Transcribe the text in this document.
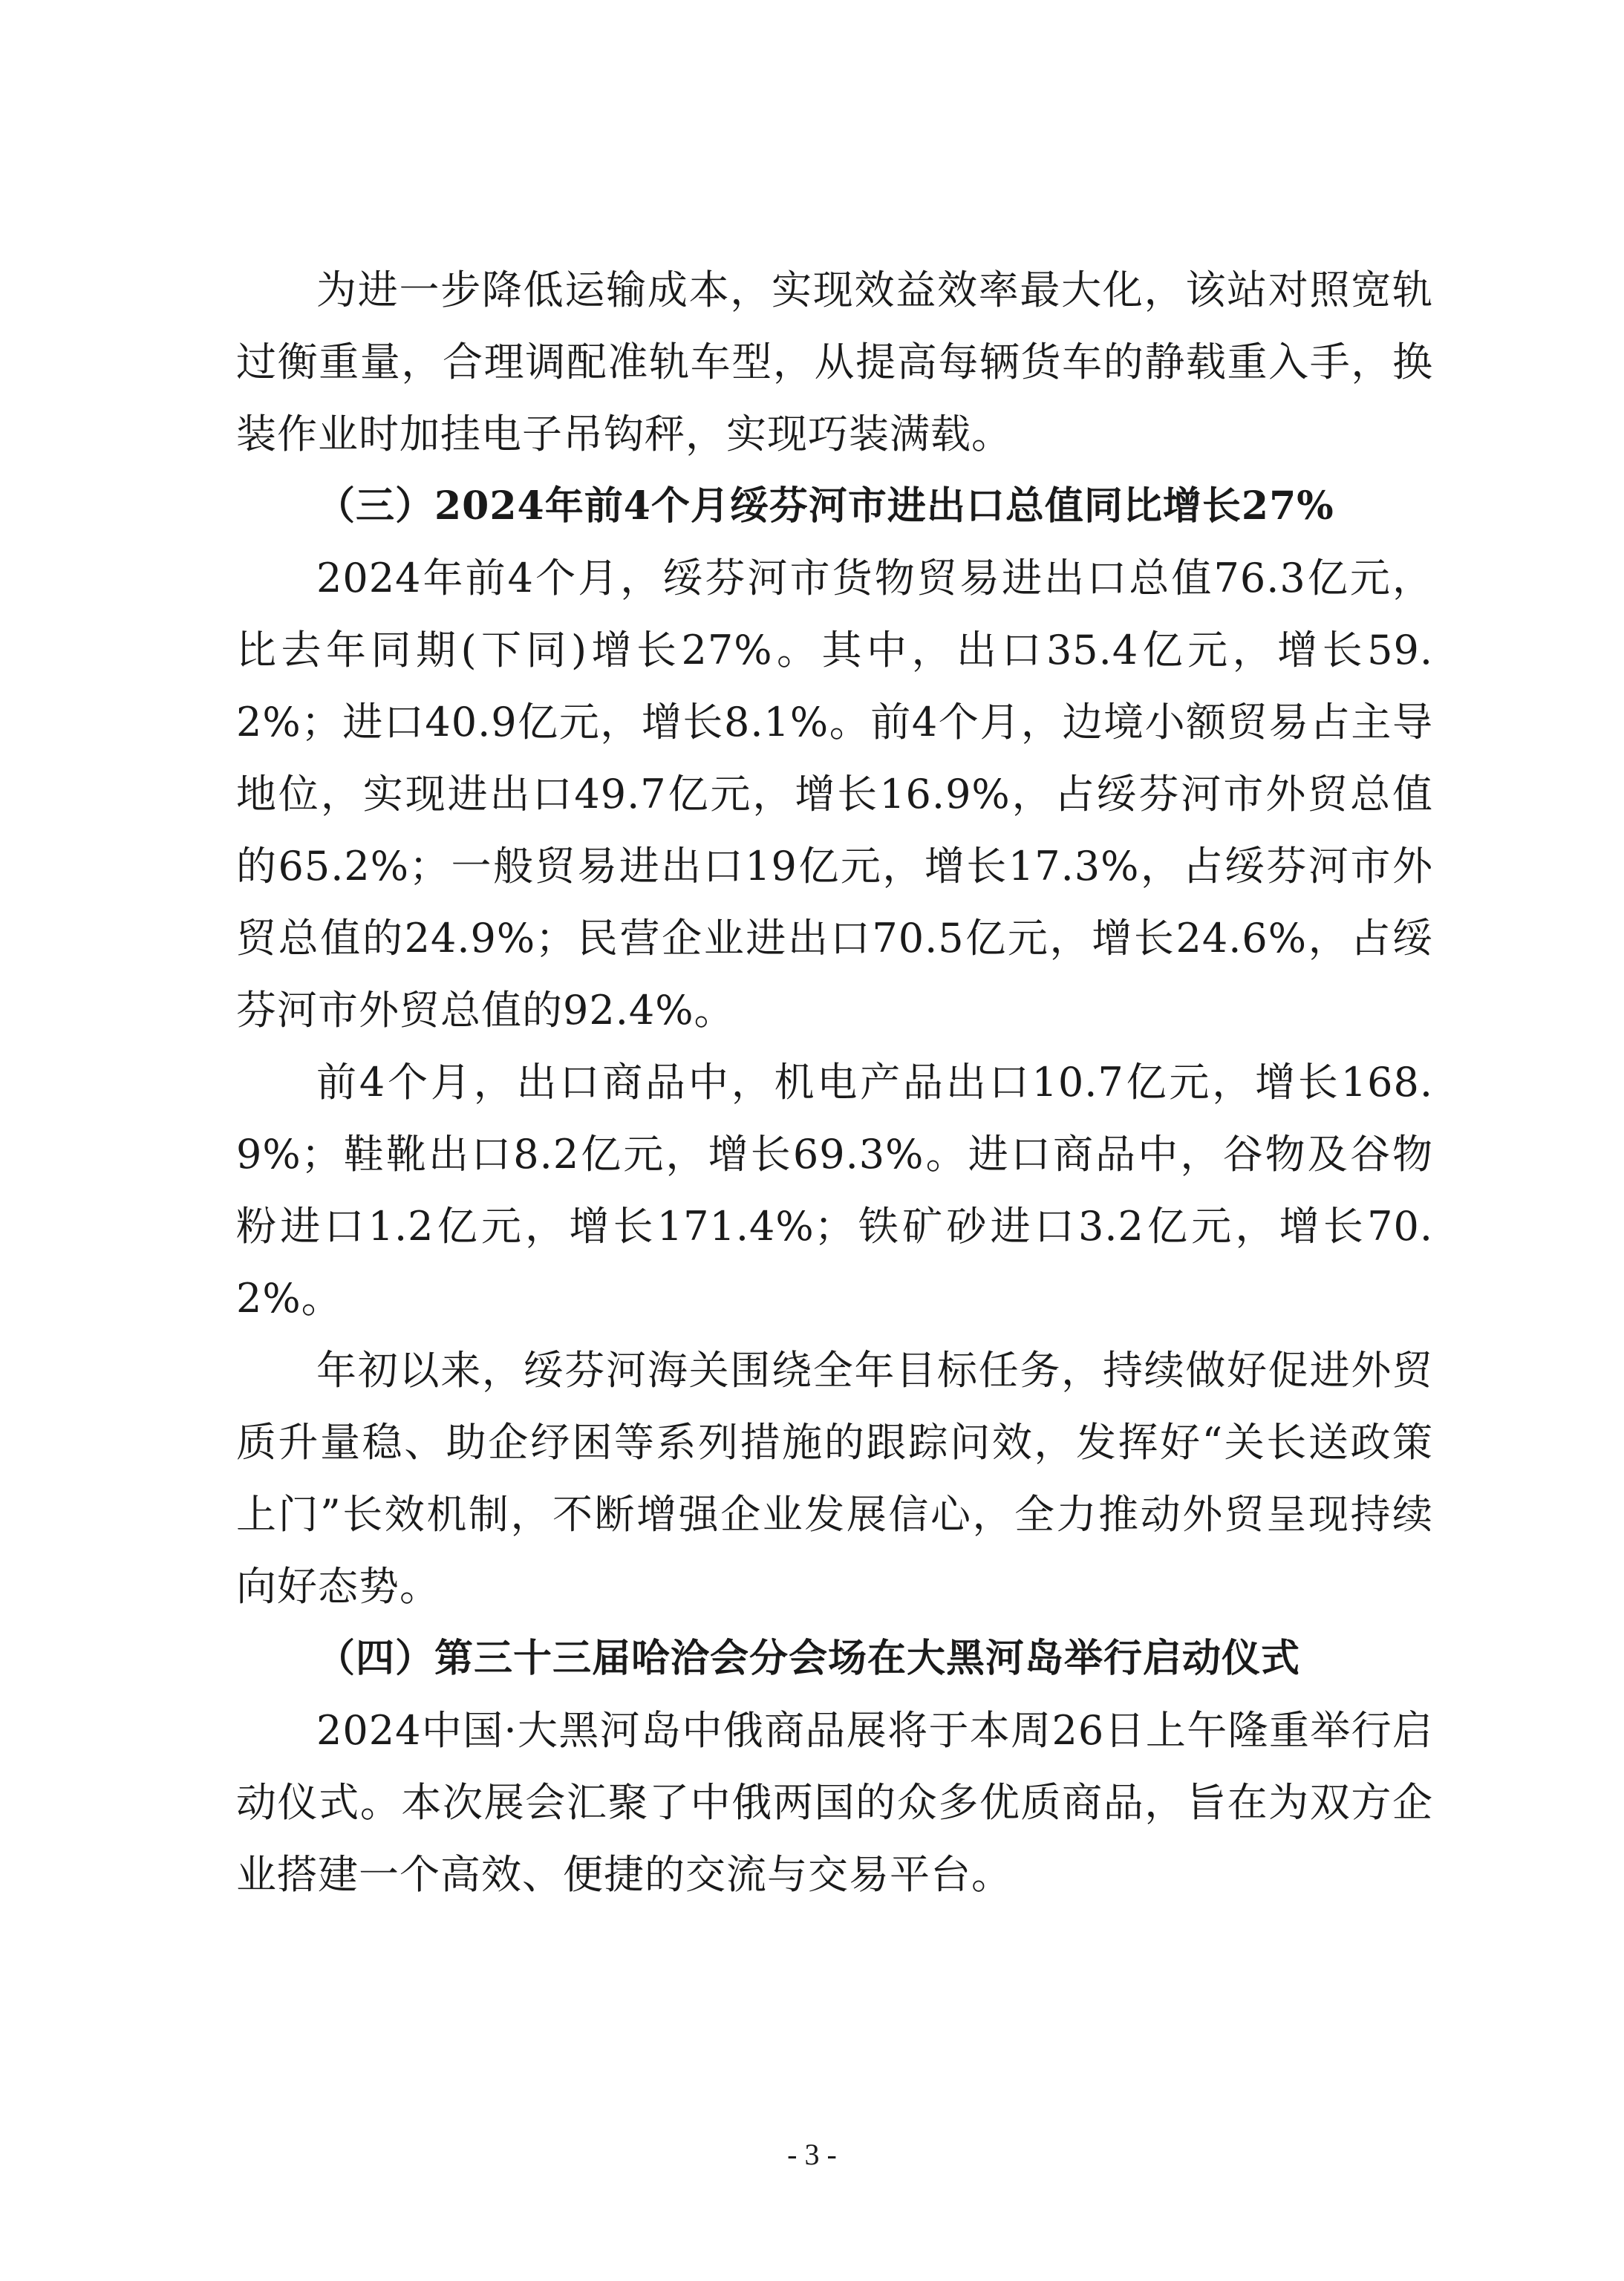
为进一步降低运输成本，实现效益效率最大化，该站对照宽轨过衡重量，合理调配准轨车型，从提高每辆货车的静载重入手，换装作业时加挂电子吊钩秤，实现巧装满载。

（三）2024年前4个月绥芬河市进出口总值同比增长27%

2024年前4个月，绥芬河市货物贸易进出口总值76.3亿元，比去年同期(下同)增长27%。其中，出口35.4亿元，增长59.2%；进口40.9亿元，增长8.1%。前4个月，边境小额贸易占主导地位，实现进出口49.7亿元，增长16.9%，占绥芬河市外贸总值的65.2%；一般贸易进出口19亿元，增长17.3%，占绥芬河市外贸总值的24.9%；民营企业进出口70.5亿元，增长24.6%，占绥芬河市外贸总值的92.4%。

前4个月，出口商品中，机电产品出口10.7亿元，增长168.9%；鞋靴出口8.2亿元，增长69.3%。进口商品中，谷物及谷物粉进口1.2亿元，增长171.4%；铁矿砂进口3.2亿元，增长70.2%。

年初以来，绥芬河海关围绕全年目标任务，持续做好促进外贸质升量稳、助企纾困等系列措施的跟踪问效，发挥好“关长送政策上门”长效机制，不断增强企业发展信心，全力推动外贸呈现持续向好态势。

（四）第三十三届哈洽会分会场在大黑河岛举行启动仪式

2024中国·大黑河岛中俄商品展将于本周26日上午隆重举行启动仪式。本次展会汇聚了中俄两国的众多优质商品，旨在为双方企业搭建一个高效、便捷的交流与交易平台。

- 3 -
